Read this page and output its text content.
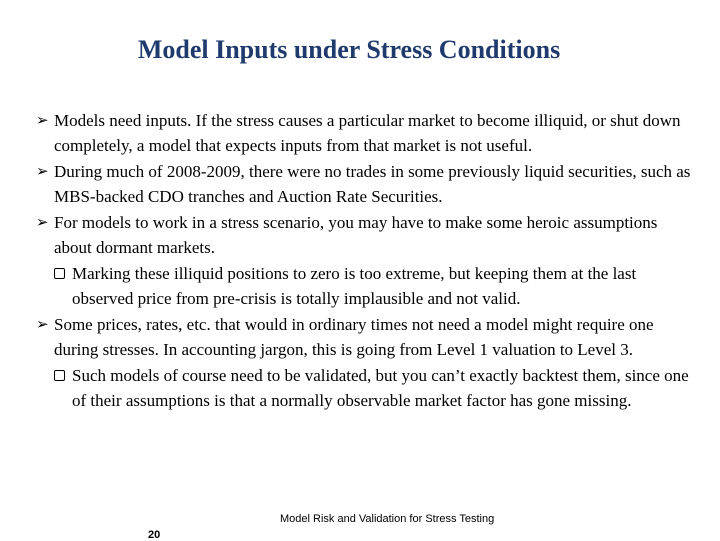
Model Inputs under Stress Conditions
➢ Models need inputs. If the stress causes a particular market to become illiquid, or shut down completely, a model that expects inputs from that market is not useful.
➢ During much of 2008-2009, there were no trades in some previously liquid securities, such as MBS-backed CDO tranches and Auction Rate Securities.
➢ For models to work in a stress scenario, you may have to make some heroic assumptions about dormant markets.
Marking these illiquid positions to zero is too extreme, but keeping them at the last observed price from pre-crisis is totally implausible and not valid.
➢ Some prices, rates, etc. that would in ordinary times not need a model might require one during stresses. In accounting jargon, this is going from Level 1 valuation to Level 3.
Such models of course need to be validated, but you can’t exactly backtest them, since one of their assumptions is that a normally observable market factor has gone missing.
Model Risk and Validation for Stress Testing
20
